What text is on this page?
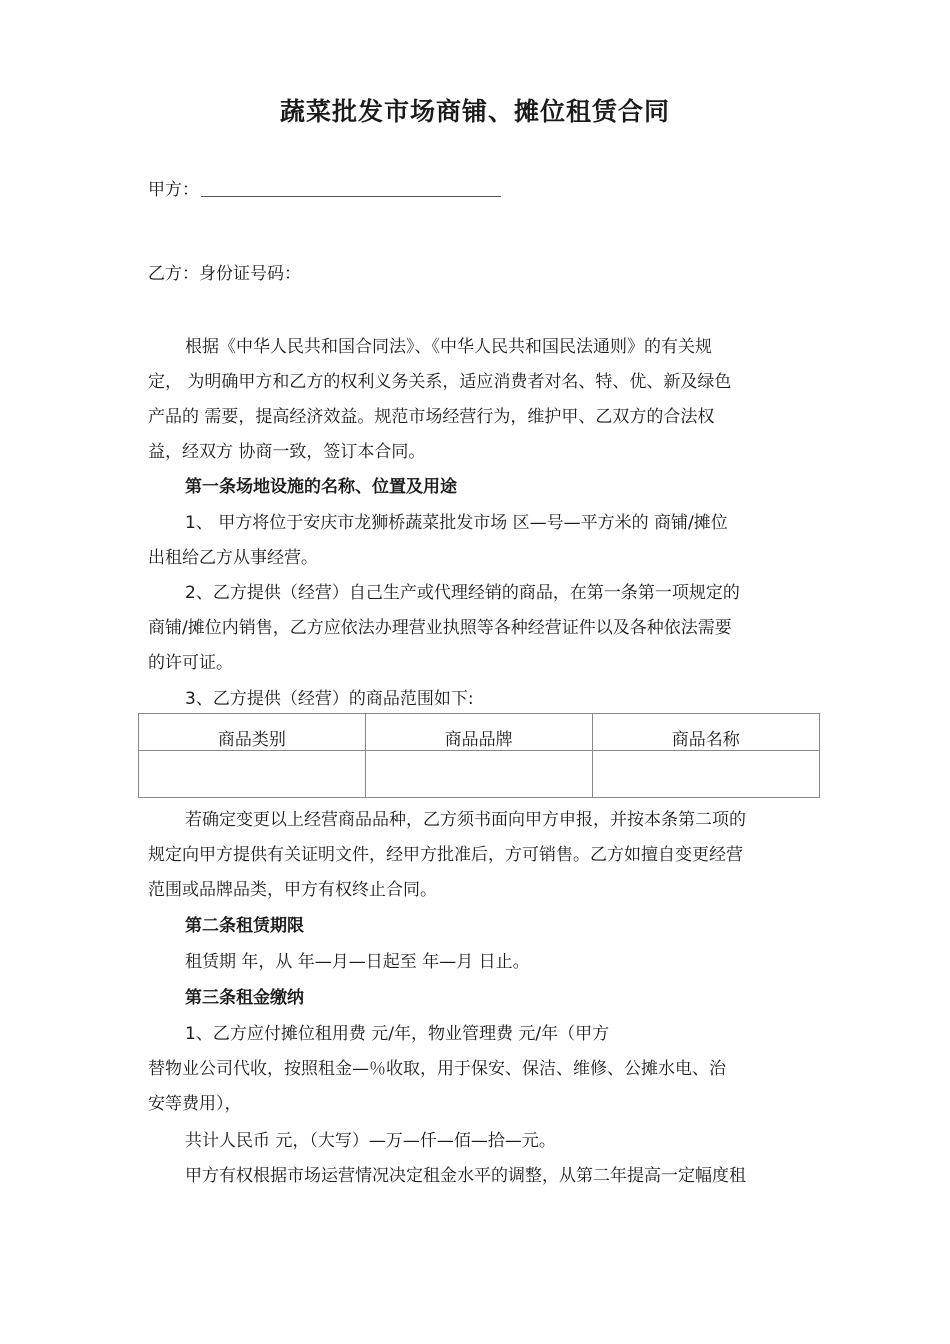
蔬菜批发市场商铺、摊位租赁合同
甲方：
乙方：身份证号码：
根据《中华人民共和国合同法》、《中华人民共和国民法通则》的有关规
定， 为明确甲方和乙方的权利义务关系，适应消费者对名、特、优、新及绿色
产品的 需要，提高经济效益。规范市场经营行为，维护甲、乙双方的合法权
益，经双方 协商一致，签订本合同。
第一条场地设施的名称、位置及用途
1、 甲方将位于安庆市龙狮桥蔬菜批发市场 区—号—平方米的 商铺/摊位
出租给乙方从事经营。
2、乙方提供（经营）自己生产或代理经销的商品，在第一条第一项规定的
商铺/摊位内销售，乙方应依法办理营业执照等各种经营证件以及各种依法需要
的许可证。
3、乙方提供（经营）的商品范围如下:
商品类别	商品品牌	商品名称

若确定变更以上经营商品品种，乙方须书面向甲方申报，并按本条第二项的
规定向甲方提供有关证明文件，经甲方批准后，方可销售。乙方如擅自变更经营
范围或品牌品类，甲方有权终止合同。
第二条租赁期限
租赁期 年，从 年—月—日起至 年—月 日止。
第三条租金缴纳
1、乙方应付摊位租用费 元/年，物业管理费 元/年（甲方
替物业公司代收，按照租金—％收取，用于保安、保洁、维修、公摊水电、治
安等费用），
共计人民币 元，（大写）—万—仟—佰—拾—元。
甲方有权根据市场运营情况决定租金水平的调整，从第二年提高一定幅度租
